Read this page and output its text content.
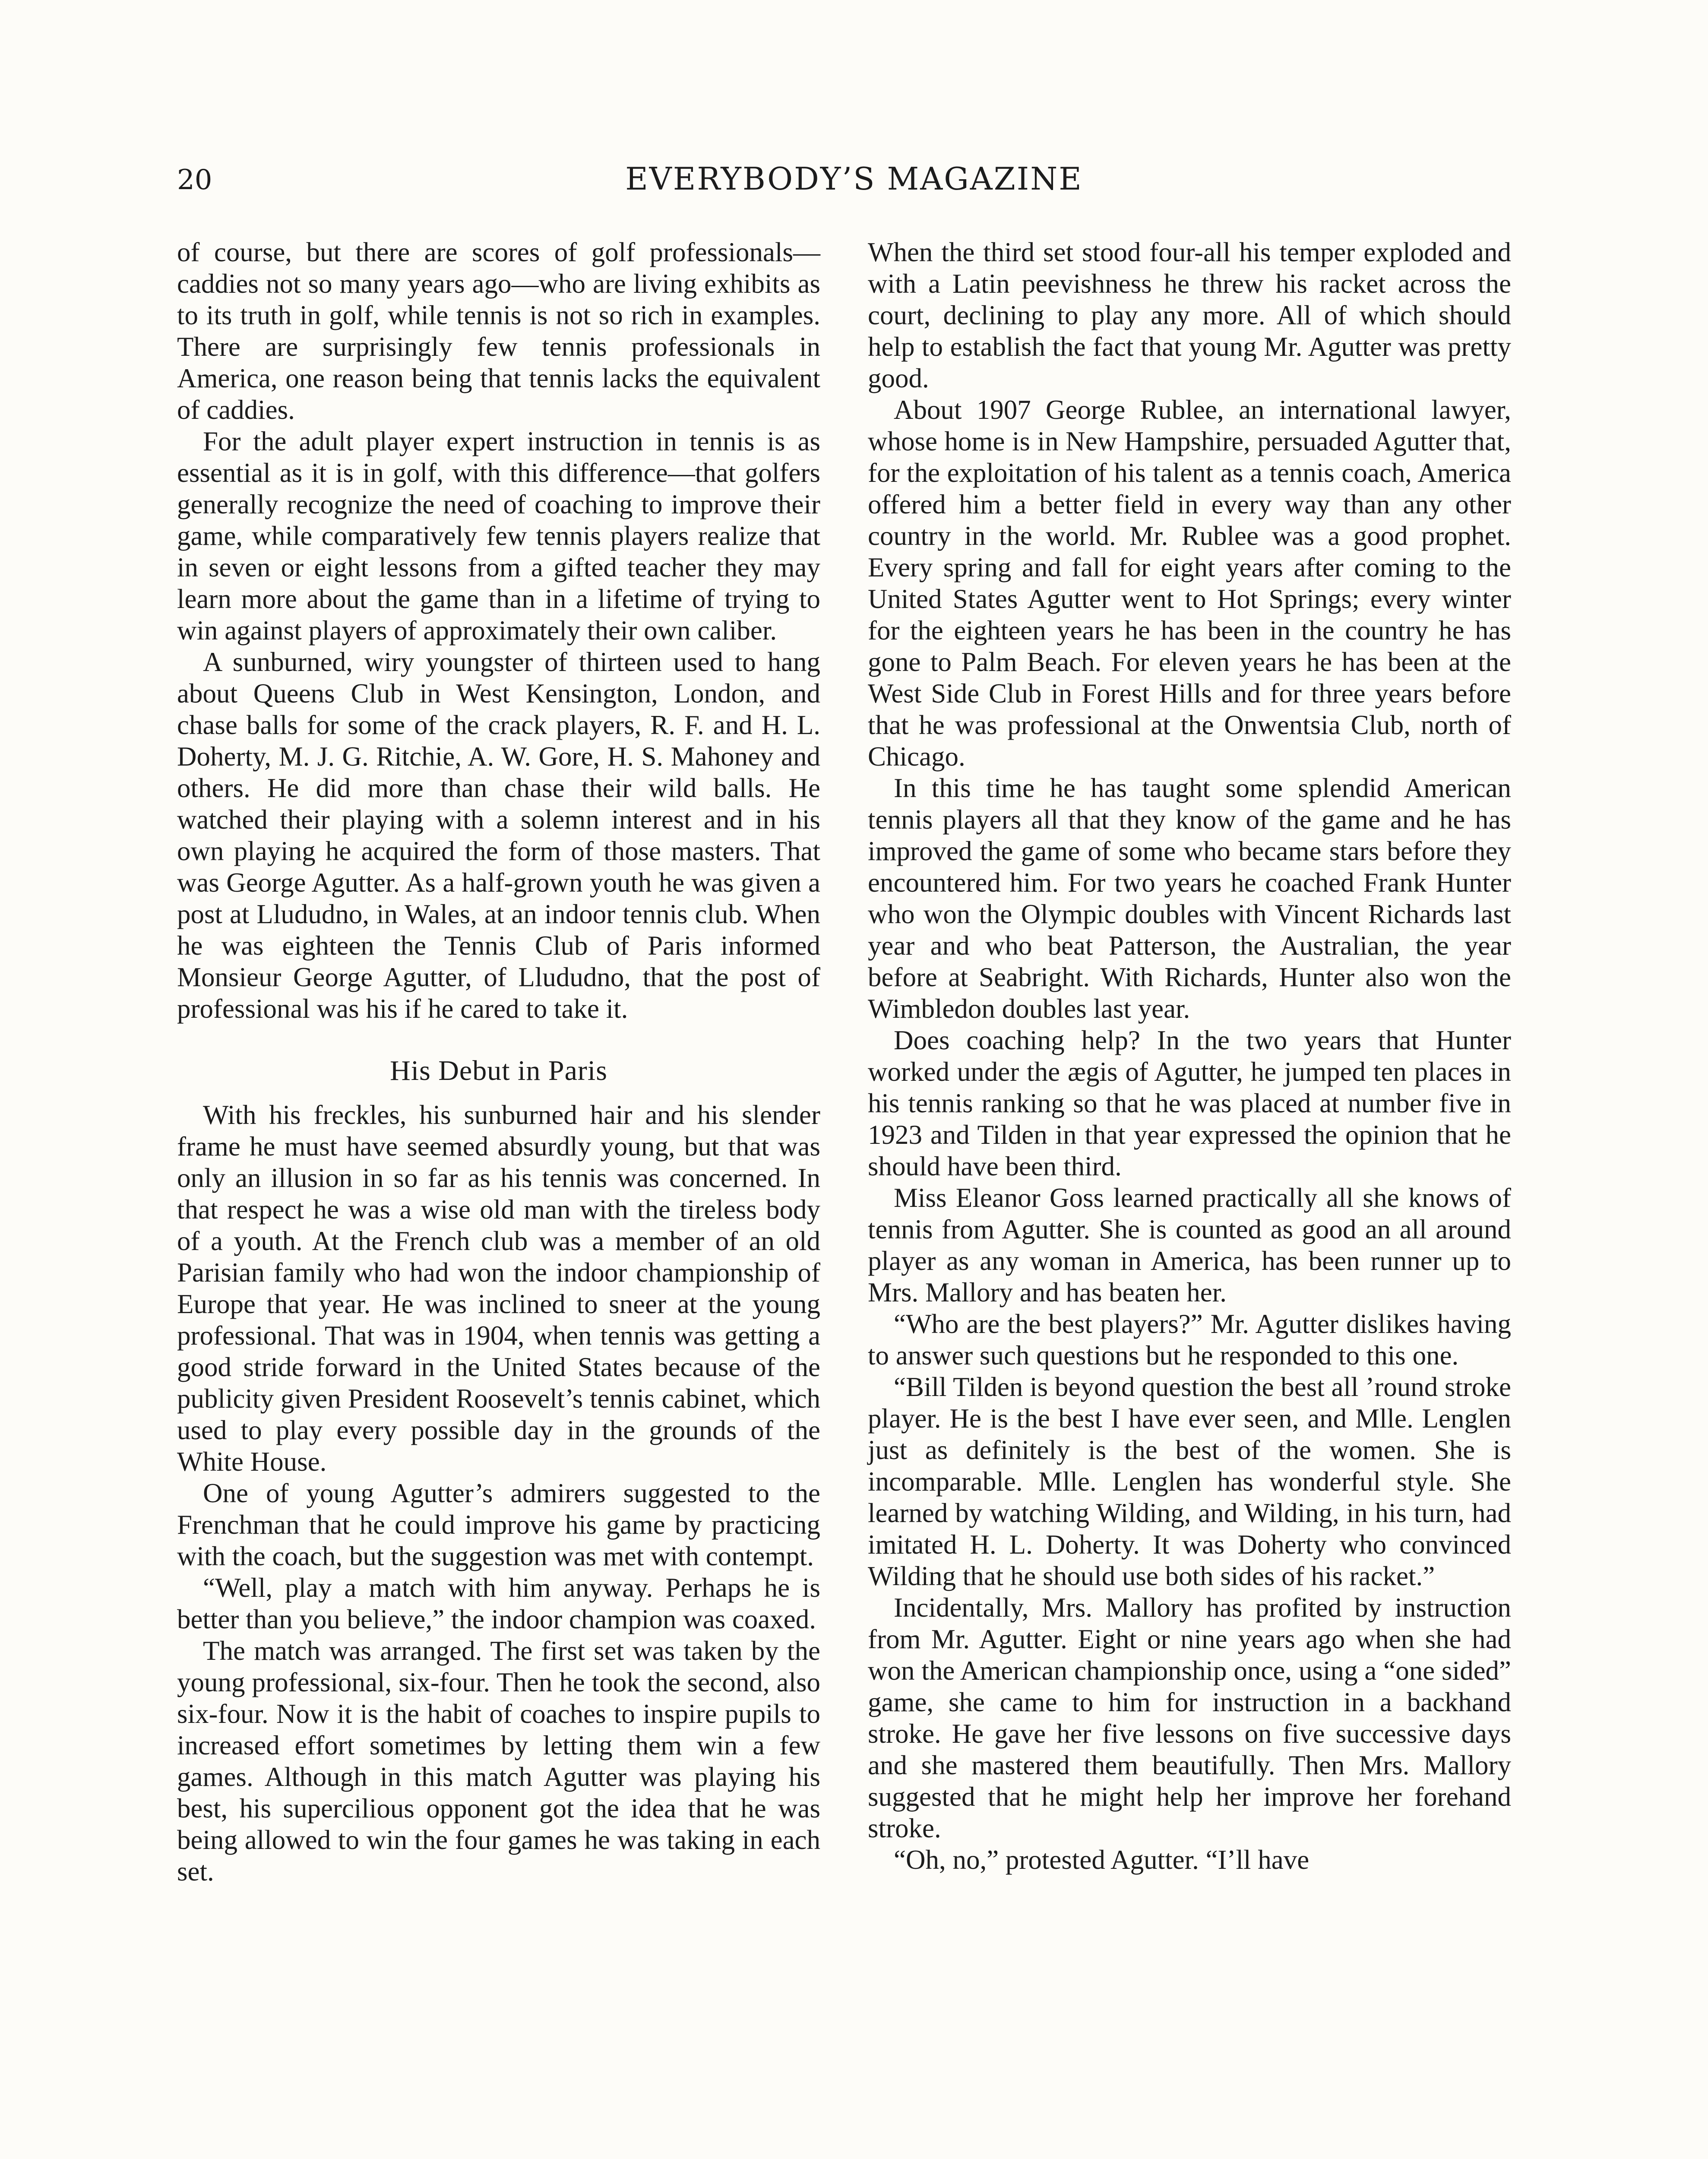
20	EVERYBODY’S MAGAZINE

of course, but there are scores of golf professionals—caddies not so many years ago—who are living exhibits as to its truth in golf, while tennis is not so rich in examples. There are surprisingly few tennis professionals in America, one reason being that tennis lacks the equivalent of caddies.

For the adult player expert instruction in tennis is as essential as it is in golf, with this difference—that golfers generally recognize the need of coaching to improve their game, while comparatively few tennis players realize that in seven or eight lessons from a gifted teacher they may learn more about the game than in a lifetime of trying to win against players of approximately their own caliber.

A sunburned, wiry youngster of thirteen used to hang about Queens Club in West Kensington, London, and chase balls for some of the crack players, R. F. and H. L. Doherty, M. J. G. Ritchie, A. W. Gore, H. S. Mahoney and others. He did more than chase their wild balls. He watched their playing with a solemn interest and in his own playing he acquired the form of those masters. That was George Agutter. As a half-grown youth he was given a post at Llududno, in Wales, at an indoor tennis club. When he was eighteen the Tennis Club of Paris informed Monsieur George Agutter, of Llududno, that the post of professional was his if he cared to take it.

His Debut in Paris

With his freckles, his sunburned hair and his slender frame he must have seemed absurdly young, but that was only an illusion in so far as his tennis was concerned. In that respect he was a wise old man with the tireless body of a youth. At the French club was a member of an old Parisian family who had won the indoor championship of Europe that year. He was inclined to sneer at the young professional. That was in 1904, when tennis was getting a good stride forward in the United States because of the publicity given President Roosevelt’s tennis cabinet, which used to play every possible day in the grounds of the White House.

One of young Agutter’s admirers suggested to the Frenchman that he could improve his game by practicing with the coach, but the suggestion was met with contempt.

“Well, play a match with him anyway. Perhaps he is better than you believe,” the indoor champion was coaxed.

The match was arranged. The first set was taken by the young professional, six-four. Then he took the second, also six-four. Now it is the habit of coaches to inspire pupils to increased effort sometimes by letting them win a few games. Although in this match Agutter was playing his best, his supercilious opponent got the idea that he was being allowed to win the four games he was taking in each set.

When the third set stood four-all his temper exploded and with a Latin peevishness he threw his racket across the court, declining to play any more. All of which should help to establish the fact that young Mr. Agutter was pretty good.

About 1907 George Rublee, an international lawyer, whose home is in New Hampshire, persuaded Agutter that, for the exploitation of his talent as a tennis coach, America offered him a better field in every way than any other country in the world. Mr. Rublee was a good prophet. Every spring and fall for eight years after coming to the United States Agutter went to Hot Springs; every winter for the eighteen years he has been in the country he has gone to Palm Beach. For eleven years he has been at the West Side Club in Forest Hills and for three years before that he was professional at the Onwentsia Club, north of Chicago.

In this time he has taught some splendid American tennis players all that they know of the game and he has improved the game of some who became stars before they encountered him. For two years he coached Frank Hunter who won the Olympic doubles with Vincent Richards last year and who beat Patterson, the Australian, the year before at Seabright. With Richards, Hunter also won the Wimbledon doubles last year.

Does coaching help? In the two years that Hunter worked under the ægis of Agutter, he jumped ten places in his tennis ranking so that he was placed at number five in 1923 and Tilden in that year expressed the opinion that he should have been third.

Miss Eleanor Goss learned practically all she knows of tennis from Agutter. She is counted as good an all around player as any woman in America, has been runner up to Mrs. Mallory and has beaten her.

“Who are the best players?” Mr. Agutter dislikes having to answer such questions but he responded to this one.

“Bill Tilden is beyond question the best all ’round stroke player. He is the best I have ever seen, and Mlle. Lenglen just as definitely is the best of the women. She is incomparable. Mlle. Lenglen has wonderful style. She learned by watching Wilding, and Wilding, in his turn, had imitated H. L. Doherty. It was Doherty who convinced Wilding that he should use both sides of his racket.”

Incidentally, Mrs. Mallory has profited by instruction from Mr. Agutter. Eight or nine years ago when she had won the American championship once, using a “one sided” game, she came to him for instruction in a backhand stroke. He gave her five lessons on five successive days and she mastered them beautifully. Then Mrs. Mallory suggested that he might help her improve her forehand stroke.

“Oh, no,” protested Agutter. “I’ll have
